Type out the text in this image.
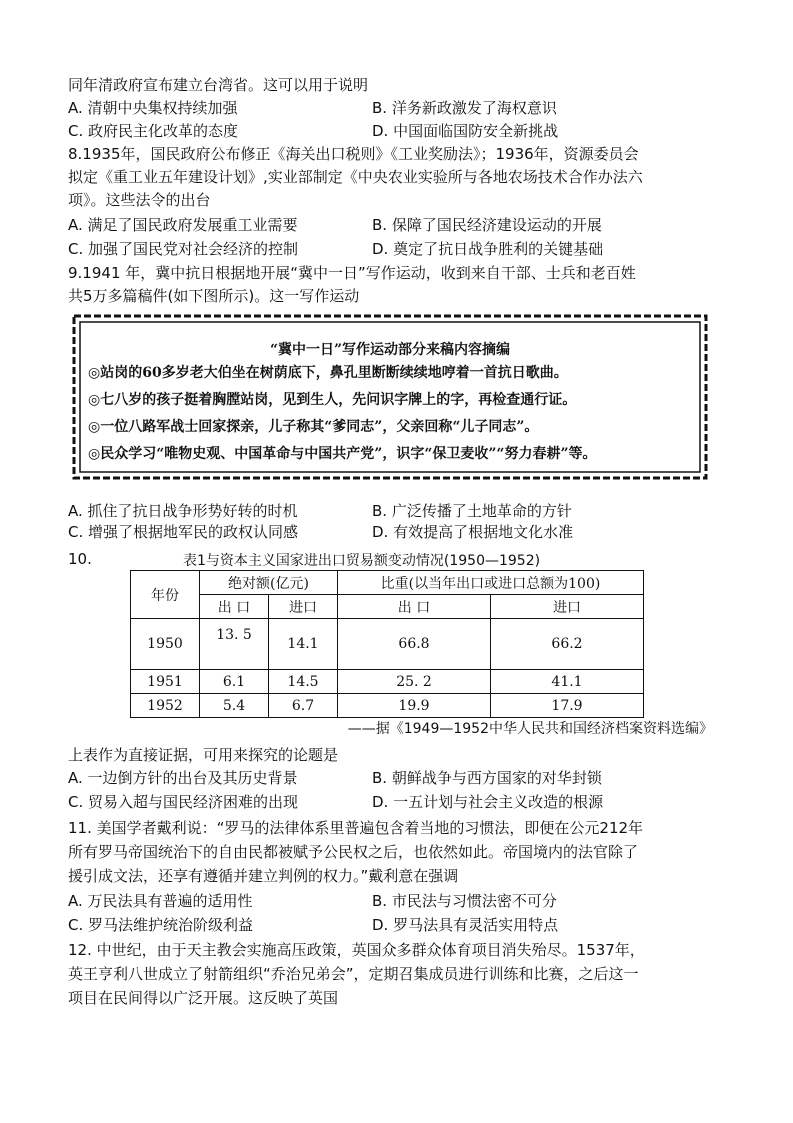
同年清政府宣布建立台湾省。这可以用于说明
A. 清朝中央集权持续加强	B. 洋务新政激发了海权意识
C. 政府民主化改革的态度	D. 中国面临国防安全新挑战
8.1935年，国民政府公布修正《海关出口税则》《工业奖励法》；1936年，资源委员会
拟定《重工业五年建设计划》,实业部制定《中央农业实验所与各地农场技术合作办法六
项》。这些法令的出台
A. 满足了国民政府发展重工业需要	B. 保障了国民经济建设运动的开展
C. 加强了国民党对社会经济的控制	D. 奠定了抗日战争胜利的关键基础
9.1941 年，冀中抗日根据地开展“冀中一日”写作运动，收到来自干部、士兵和老百姓
共5万多篇稿件(如下图所示)。这一写作运动
“冀中一日”写作运动部分来稿内容摘编
◎站岗的60多岁老大伯坐在树荫底下，鼻孔里断断续续地哼着一首抗日歌曲。
◎七八岁的孩子挺着胸膛站岗，见到生人，先问识字牌上的字，再检查通行证。
◎一位八路军战士回家探亲，儿子称其“爹同志”，父亲回称“儿子同志”。
◎民众学习“唯物史观、中国革命与中国共产党”，识字“保卫麦收”“努力春耕”等。
A. 抓住了抗日战争形势好转的时机	B. 广泛传播了土地革命的方针
C. 增强了根据地军民的政权认同感	D. 有效提高了根据地文化水准
10.	表1与资本主义国家进出口贸易额变动情况(1950—1952)
年份	绝对额(亿元)		比重(以当年出口或进口总额为100)	
	出 口	进口	出 口	进口
1950	13. 5	14.1	66.8	66.2
1951	6.1	14.5	25. 2	41.1
1952	5.4	6.7	19.9	17.9
——据《1949—1952中华人民共和国经济档案资料选编》
上表作为直接证据，可用来探究的论题是
A. 一边倒方针的出台及其历史背景	B. 朝鲜战争与西方国家的对华封锁
C. 贸易入超与国民经济困难的出现	D. 一五计划与社会主义改造的根源
11. 美国学者戴利说：“罗马的法律体系里普遍包含着当地的习惯法，即便在公元212年
所有罗马帝国统治下的自由民都被赋予公民权之后，也依然如此。帝国境内的法官除了
援引成文法，还享有遵循并建立判例的权力。”戴利意在强调
A. 万民法具有普遍的适用性	B. 市民法与习惯法密不可分
C. 罗马法维护统治阶级利益	D. 罗马法具有灵活实用特点
12. 中世纪，由于天主教会实施高压政策，英国众多群众体育项目消失殆尽。1537年，
英王亨利八世成立了射箭组织“乔治兄弟会”，定期召集成员进行训练和比赛，之后这一
项目在民间得以广泛开展。这反映了英国
